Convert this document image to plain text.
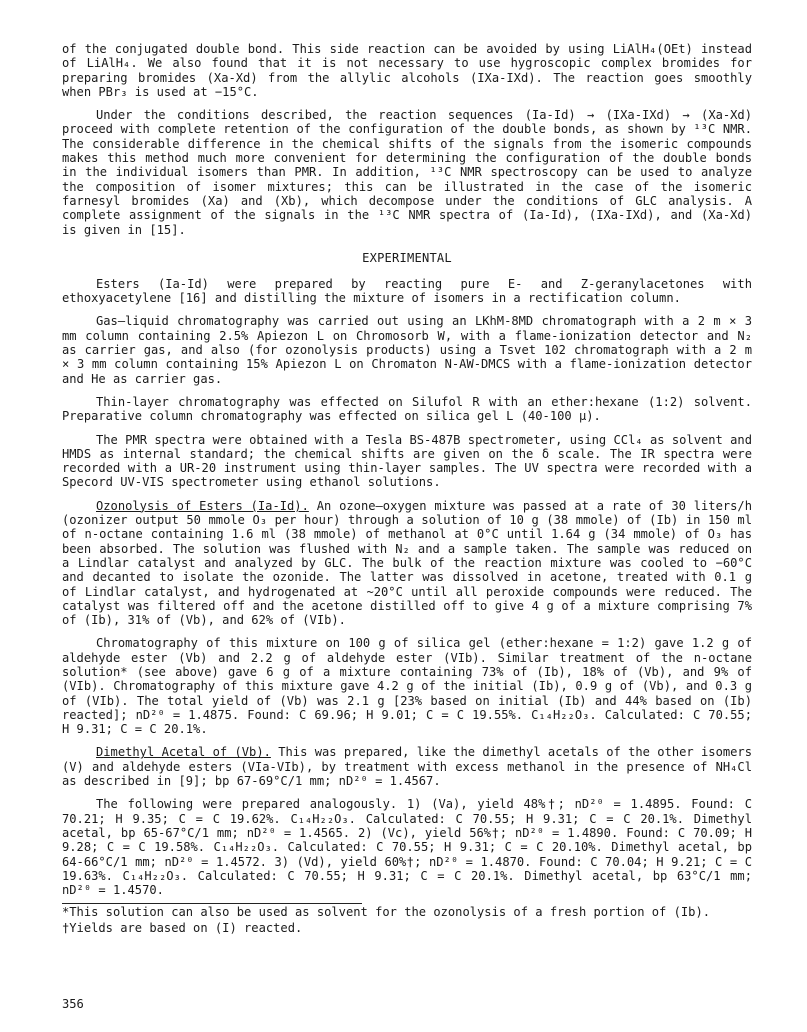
of the conjugated double bond. This side reaction can be avoided by using LiAlH₄(OEt) instead of LiAlH₄. We also found that it is not necessary to use hygroscopic complex bromides for preparing bromides (Xa-Xd) from the allylic alcohols (IXa-IXd). The reaction goes smoothly when PBr₃ is used at −15°C.

Under the conditions described, the reaction sequences (Ia-Id) → (IXa-IXd) → (Xa-Xd) proceed with complete retention of the configuration of the double bonds, as shown by ¹³C NMR. The considerable difference in the chemical shifts of the signals from the isomeric compounds makes this method much more convenient for determining the configuration of the double bonds in the individual isomers than PMR. In addition, ¹³C NMR spectroscopy can be used to analyze the composition of isomer mixtures; this can be illustrated in the case of the isomeric farnesyl bromides (Xa) and (Xb), which decompose under the conditions of GLC analysis. A complete assignment of the signals in the ¹³C NMR spectra of (Ia-Id), (IXa-IXd), and (Xa-Xd) is given in [15].

EXPERIMENTAL

Esters (Ia-Id) were prepared by reacting pure E- and Z-geranylacetones with ethoxyacetylene [16] and distilling the mixture of isomers in a rectification column.

Gas–liquid chromatography was carried out using an LKhM-8MD chromatograph with a 2 m × 3 mm column containing 2.5% Apiezon L on Chromosorb W, with a flame-ionization detector and N₂ as carrier gas, and also (for ozonolysis products) using a Tsvet 102 chromatograph with a 2 m × 3 mm column containing 15% Apiezon L on Chromaton N-AW-DMCS with a flame-ionization detector and He as carrier gas.

Thin-layer chromatography was effected on Silufol R with an ether:hexane (1:2) solvent. Preparative column chromatography was effected on silica gel L (40-100 μ).

The PMR spectra were obtained with a Tesla BS-487B spectrometer, using CCl₄ as solvent and HMDS as internal standard; the chemical shifts are given on the δ scale. The IR spectra were recorded with a UR-20 instrument using thin-layer samples. The UV spectra were recorded with a Specord UV-VIS spectrometer using ethanol solutions.

Ozonolysis of Esters (Ia-Id). An ozone–oxygen mixture was passed at a rate of 30 liters/h (ozonizer output 50 mmole O₃ per hour) through a solution of 10 g (38 mmole) of (Ib) in 150 ml of n-octane containing 1.6 ml (38 mmole) of methanol at 0°C until 1.64 g (34 mmole) of O₃ has been absorbed. The solution was flushed with N₂ and a sample taken. The sample was reduced on a Lindlar catalyst and analyzed by GLC. The bulk of the reaction mixture was cooled to −60°C and decanted to isolate the ozonide. The latter was dissolved in acetone, treated with 0.1 g of Lindlar catalyst, and hydrogenated at ~20°C until all peroxide compounds were reduced. The catalyst was filtered off and the acetone distilled off to give 4 g of a mixture comprising 7% of (Ib), 31% of (Vb), and 62% of (VIb).

Chromatography of this mixture on 100 g of silica gel (ether:hexane = 1:2) gave 1.2 g of aldehyde ester (Vb) and 2.2 g of aldehyde ester (VIb). Similar treatment of the n-octane solution* (see above) gave 6 g of a mixture containing 73% of (Ib), 18% of (Vb), and 9% of (VIb). Chromatography of this mixture gave 4.2 g of the initial (Ib), 0.9 g of (Vb), and 0.3 g of (VIb). The total yield of (Vb) was 2.1 g [23% based on initial (Ib) and 44% based on (Ib) reacted]; nD²⁰ = 1.4875. Found: C 69.96; H 9.01; C = C 19.55%. C₁₄H₂₂O₃. Calculated: C 70.55; H 9.31; C = C 20.1%.

Dimethyl Acetal of (Vb). This was prepared, like the dimethyl acetals of the other isomers (V) and aldehyde esters (VIa-VIb), by treatment with excess methanol in the presence of NH₄Cl as described in [9]; bp 67-69°C/1 mm; nD²⁰ = 1.4567.

The following were prepared analogously. 1) (Va), yield 48%†; nD²⁰ = 1.4895. Found: C 70.21; H 9.35; C = C 19.62%. C₁₄H₂₂O₃. Calculated: C 70.55; H 9.31; C = C 20.1%. Dimethyl acetal, bp 65-67°C/1 mm; nD²⁰ = 1.4565. 2) (Vc), yield 56%†; nD²⁰ = 1.4890. Found: C 70.09; H 9.28; C = C 19.58%. C₁₄H₂₂O₃. Calculated: C 70.55; H 9.31; C = C 20.10%. Dimethyl acetal, bp 64-66°C/1 mm; nD²⁰ = 1.4572. 3) (Vd), yield 60%†; nD²⁰ = 1.4870. Found: C 70.04; H 9.21; C = C 19.63%. C₁₄H₂₂O₃. Calculated: C 70.55; H 9.31; C = C 20.1%. Dimethyl acetal, bp 63°C/1 mm; nD²⁰ = 1.4570.

*This solution can also be used as solvent for the ozonolysis of a fresh portion of (Ib).

†Yields are based on (I) reacted.

356
